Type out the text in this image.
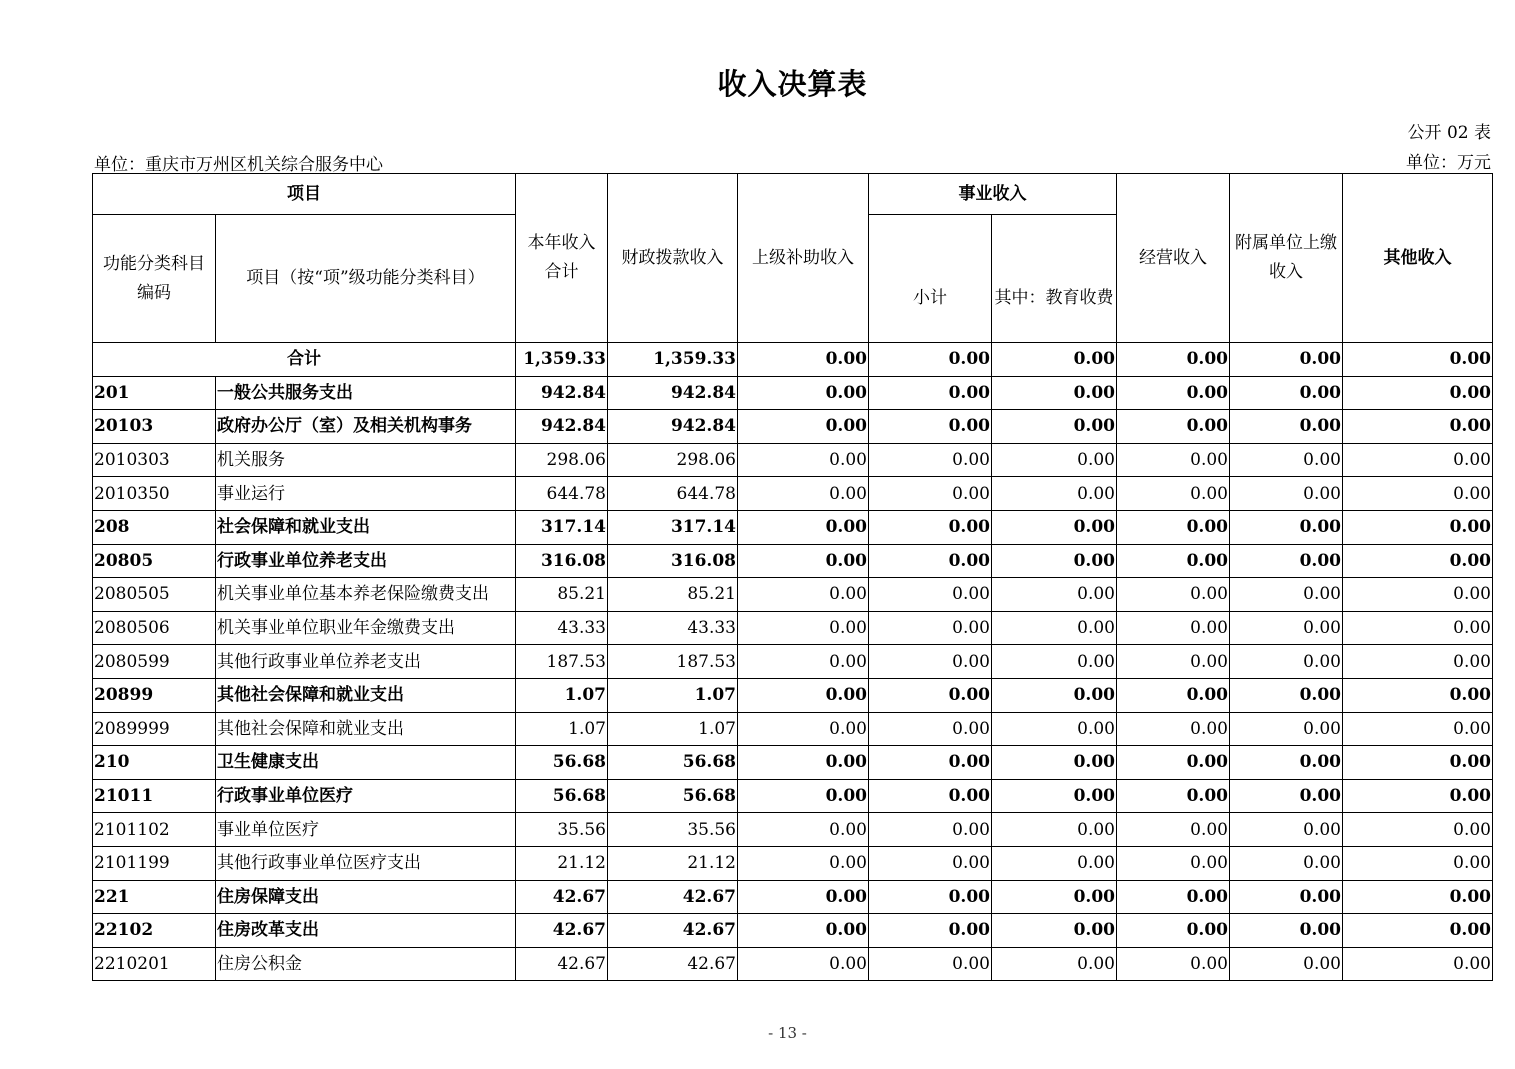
收入决算表
公开 02 表
单位：重庆市万州区机关综合服务中心	单位：万元
项目		本年收入合计	财政拨款收入	上级补助收入	事业收入		经营收入	附属单位上缴收入	其他收入
功能分类科目编码	项目（按“项”级功能分类科目）				小计	其中：教育收费			
合计		1,359.33	1,359.33	0.00	0.00	0.00	0.00	0.00	0.00
201	一般公共服务支出	942.84	942.84	0.00	0.00	0.00	0.00	0.00	0.00
20103	政府办公厅（室）及相关机构事务	942.84	942.84	0.00	0.00	0.00	0.00	0.00	0.00
2010303	机关服务	298.06	298.06	0.00	0.00	0.00	0.00	0.00	0.00
2010350	事业运行	644.78	644.78	0.00	0.00	0.00	0.00	0.00	0.00
208	社会保障和就业支出	317.14	317.14	0.00	0.00	0.00	0.00	0.00	0.00
20805	行政事业单位养老支出	316.08	316.08	0.00	0.00	0.00	0.00	0.00	0.00
2080505	机关事业单位基本养老保险缴费支出	85.21	85.21	0.00	0.00	0.00	0.00	0.00	0.00
2080506	机关事业单位职业年金缴费支出	43.33	43.33	0.00	0.00	0.00	0.00	0.00	0.00
2080599	其他行政事业单位养老支出	187.53	187.53	0.00	0.00	0.00	0.00	0.00	0.00
20899	其他社会保障和就业支出	1.07	1.07	0.00	0.00	0.00	0.00	0.00	0.00
2089999	其他社会保障和就业支出	1.07	1.07	0.00	0.00	0.00	0.00	0.00	0.00
210	卫生健康支出	56.68	56.68	0.00	0.00	0.00	0.00	0.00	0.00
21011	行政事业单位医疗	56.68	56.68	0.00	0.00	0.00	0.00	0.00	0.00
2101102	事业单位医疗	35.56	35.56	0.00	0.00	0.00	0.00	0.00	0.00
2101199	其他行政事业单位医疗支出	21.12	21.12	0.00	0.00	0.00	0.00	0.00	0.00
221	住房保障支出	42.67	42.67	0.00	0.00	0.00	0.00	0.00	0.00
22102	住房改革支出	42.67	42.67	0.00	0.00	0.00	0.00	0.00	0.00
2210201	住房公积金	42.67	42.67	0.00	0.00	0.00	0.00	0.00	0.00
- 13 -
